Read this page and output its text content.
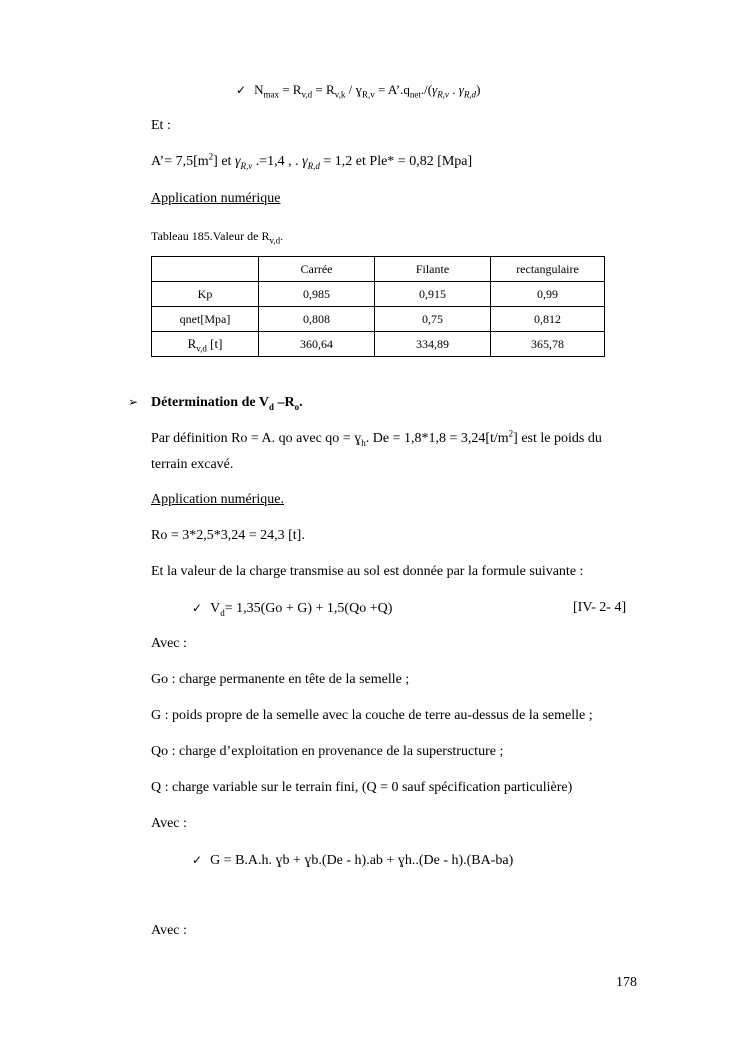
✓ $N_{max} = R_{v,d} = R_{v,k}$ / ɣ$_{R,v}$ = $A’.q_{net}./(\gamma_{R,v}$ . $\gamma_{R,d}$)
Et :
A’= $7,5[m^2]$ et $\gamma_{R,v}$ .=1,4 , . $\gamma_{R,d} = 1,2$ et Ple* = 0,82 [Mpa]
Application numérique
Tableau 185.Valeur de $R_{v,d}$.
	Carrée	Filante	rectangulaire
Kp	0,985	0,915	0,99
qnet[Mpa]	0,808	0,75	0,812
$R_{v,d}$ [t]	360,64	334,89	365,78
➢ Détermination de $V_d$ $-R_o$.
Par définition Ro = A. qo avec qo = ɣ$_h$. $De = 1,8*1,8 = 3,24[t/m^2]$ est le poids du
terrain excavé.
Application numérique.
Ro = 3*2,5*3,24 = 24,3 [t].
Et la valeur de la charge transmise au sol est donnée par la formule suivante :
✓ $V_d= 1,35(Go + G) + 1,5(Qo +Q)$	[IV- 2- 4]
Avec :
Go : charge permanente en tête de la semelle ;
G : poids propre de la semelle avec la couche de terre au-dessus de la semelle ;
Qo : charge d’exploitation en provenance de la superstructure ;
Q : charge variable sur le terrain fini, (Q = 0 sauf spécification particulière)
Avec :
✓ G = B.A.h. ɣb + ɣb.(De - h).ab + ɣh..(De - h).(BA-ba)
Avec :
178
